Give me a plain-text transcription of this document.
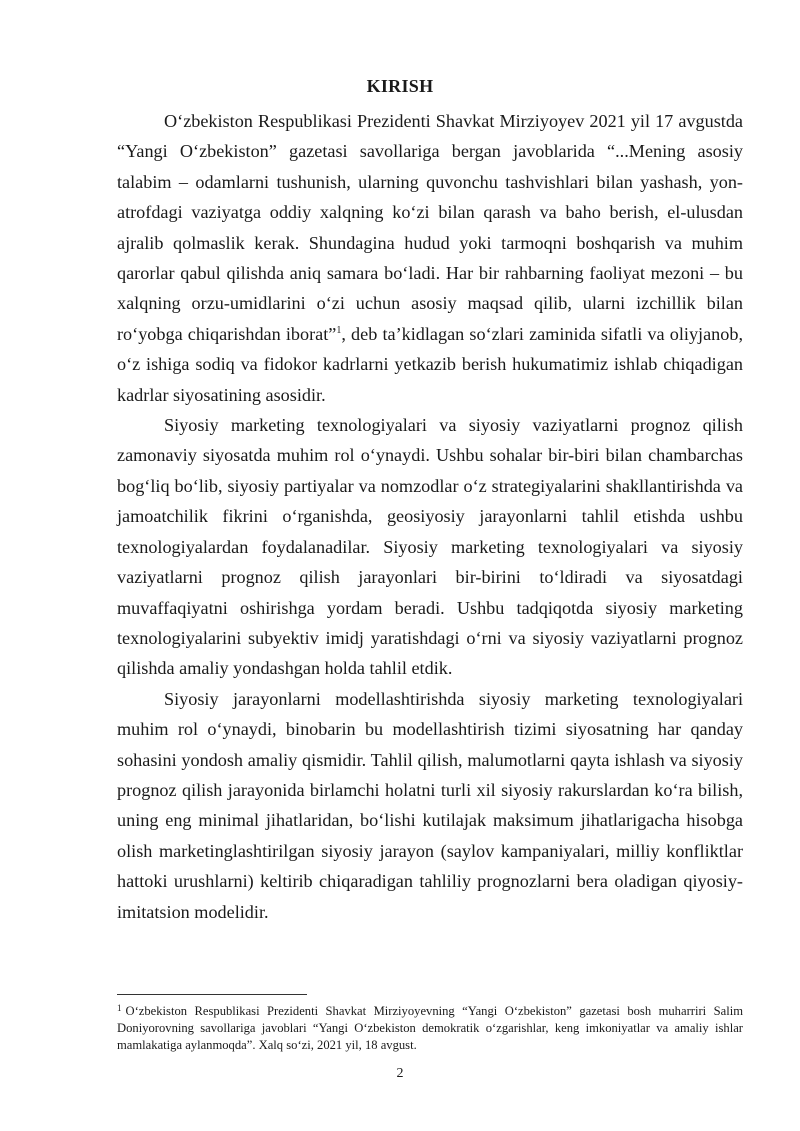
KIRISH

O‘zbekiston Respublikasi Prezidenti Shavkat Mirziyoyev 2021 yil 17 avgustda “Yangi O‘zbekiston” gazetasi savollariga bergan javoblarida “...Mening asosiy talabim – odamlarni tushunish, ularning quvonchu tashvishlari bilan yashash, yon-atrofdagi vaziyatga oddiy xalqning ko‘zi bilan qarash va baho berish, el-ulusdan ajralib qolmaslik kerak. Shundagina hudud yoki tarmoqni boshqarish va muhim qarorlar qabul qilishda aniq samara bo‘ladi. Har bir rahbarning faoliyat mezoni – bu xalqning orzu-umidlarini o‘zi uchun asosiy maqsad qilib, ularni izchillik bilan ro‘yobga chiqarishdan iborat”$^1$, deb ta’kidlagan so‘zlari zaminida sifatli va oliyjanob, o‘z ishiga sodiq va fidokor kadrlarni yetkazib berish hukumatimiz ishlab chiqadigan kadrlar siyosatining asosidir.

Siyosiy marketing texnologiyalari va siyosiy vaziyatlarni prognoz qilish zamonaviy siyosatda muhim rol o‘ynaydi. Ushbu sohalar bir-biri bilan chambarchas bog‘liq bo‘lib, siyosiy partiyalar va nomzodlar o‘z strategiyalarini shakllantirishda va jamoatchilik fikrini o‘rganishda, geosiyosiy jarayonlarni tahlil etishda ushbu texnologiyalardan foydalanadilar. Siyosiy marketing texnologiyalari va siyosiy vaziyatlarni prognoz qilish jarayonlari bir-birini to‘ldiradi va siyosatdagi muvaffaqiyatni oshirishga yordam beradi. Ushbu tadqiqotda siyosiy marketing texnologiyalarini subyektiv imidj yaratishdagi o‘rni va siyosiy vaziyatlarni prognoz qilishda amaliy yondashgan holda tahlil etdik.

Siyosiy jarayonlarni modellashtirishda siyosiy marketing texnologiyalari muhim rol o‘ynaydi, binobarin bu modellashtirish tizimi siyosatning har qanday sohasini yondosh amaliy qismidir. Tahlil qilish, malumotlarni qayta ishlash va siyosiy prognoz qilish jarayonida birlamchi holatni turli xil siyosiy rakurslardan ko‘ra bilish, uning eng minimal jihatlaridan, bo‘lishi kutilajak maksimum jihatlarigacha hisobga olish marketinglashtirilgan siyosiy jarayon (saylov kampaniyalari, milliy konfliktlar hattoki urushlarni) keltirib chiqaradigan tahliliy prognozlarni bera oladigan qiyosiy-imitatsion modelidir.

$^1$ O‘zbekiston Respublikasi Prezidenti Shavkat Mirziyoyevning “Yangi O‘zbekiston” gazetasi bosh muharriri Salim Doniyorovning savollariga javoblari “Yangi O‘zbekiston demokratik o‘zgarishlar, keng imkoniyatlar va amaliy ishlar mamlakatiga aylanmoqda”. Xalq so‘zi, 2021 yil, 18 avgust.
2
